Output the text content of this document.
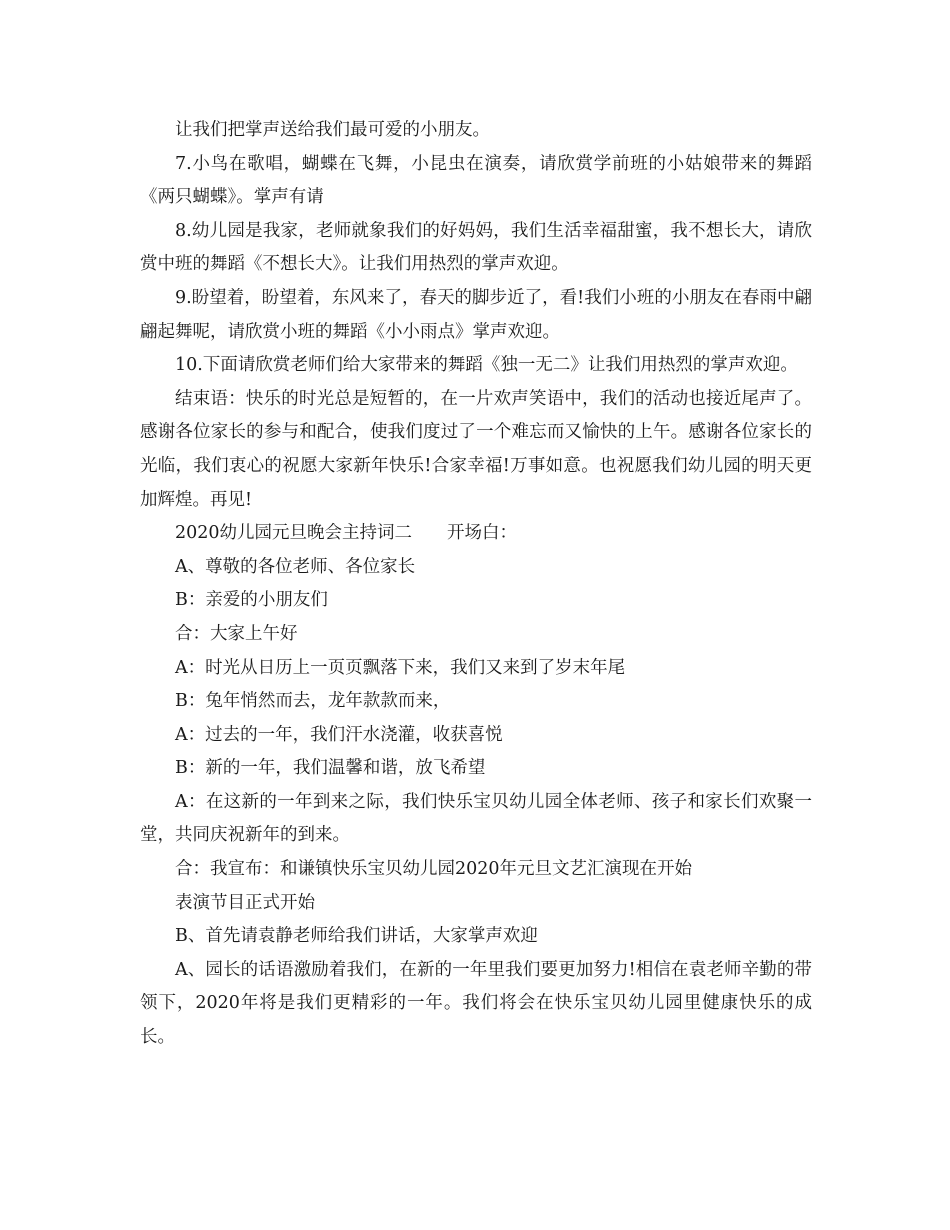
让我们把掌声送给我们最可爱的小朋友。

7.小鸟在歌唱，蝴蝶在飞舞，小昆虫在演奏，请欣赏学前班的小姑娘带来的舞蹈《两只蝴蝶》。掌声有请

8.幼儿园是我家，老师就象我们的好妈妈，我们生活幸福甜蜜，我不想长大，请欣赏中班的舞蹈《不想长大》。让我们用热烈的掌声欢迎。

9.盼望着，盼望着，东风来了，春天的脚步近了，看!我们小班的小朋友在春雨中翩翩起舞呢，请欣赏小班的舞蹈《小小雨点》掌声欢迎。

10.下面请欣赏老师们给大家带来的舞蹈《独一无二》让我们用热烈的掌声欢迎。

结束语：快乐的时光总是短暂的，在一片欢声笑语中，我们的活动也接近尾声了。感谢各位家长的参与和配合，使我们度过了一个难忘而又愉快的上午。感谢各位家长的光临，我们衷心的祝愿大家新年快乐!合家幸福!万事如意。也祝愿我们幼儿园的明天更加辉煌。再见!

2020幼儿园元旦晚会主持词二　　开场白：

A、尊敬的各位老师、各位家长

B：亲爱的小朋友们

合：大家上午好

A：时光从日历上一页页飘落下来，我们又来到了岁末年尾

B：兔年悄然而去，龙年款款而来，

A：过去的一年，我们汗水浇灌，收获喜悦

B：新的一年，我们温馨和谐，放飞希望

A：在这新的一年到来之际，我们快乐宝贝幼儿园全体老师、孩子和家长们欢聚一堂，共同庆祝新年的到来。

合：我宣布：和谦镇快乐宝贝幼儿园2020年元旦文艺汇演现在开始

表演节目正式开始

B、首先请袁静老师给我们讲话，大家掌声欢迎

A、园长的话语激励着我们，在新的一年里我们要更加努力!相信在袁老师辛勤的带领下，2020年将是我们更精彩的一年。我们将会在快乐宝贝幼儿园里健康快乐的成长。
